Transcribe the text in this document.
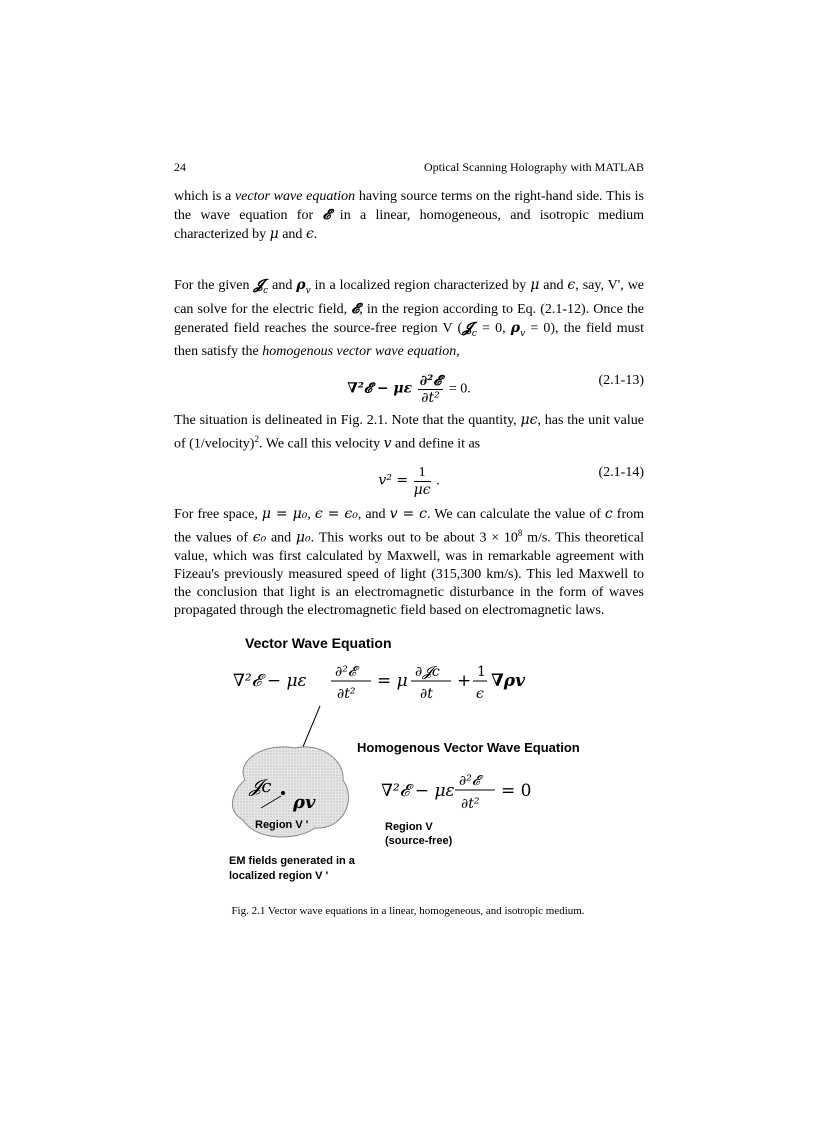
24	Optical Scanning Holography with MATLAB

which is a vector wave equation having source terms on the right-hand side. This is the wave equation for 𝓔 in a linear, homogeneous, and isotropic medium characterized by μ and ϵ.

For the given 𝓙$_c$ and $\rho_v$ in a localized region characterized by μ and ϵ, say, V', we can solve for the electric field, 𝓔, in the region according to Eq. (2.1-12). Once the generated field reaches the source-free region V (𝓙$_c$ = 0, $\rho_v = 0$), the field must then satisfy the homogenous vector wave equation,

∇²𝓔 − με $\frac{\text{∂²𝓔}}{\text{∂t²}} = 0$.
(2.1-13)

The situation is delineated in Fig. 2.1. Note that the quantity, μϵ, has the unit value of (1/velocity)$^2$. We call this velocity v and define it as

$v^2 = \frac{1}{\mu\epsilon}$ .
(2.1-14)

For free space, μ = μ₀, ϵ = ϵ₀, and v = c. We can calculate the value of c from the values of ϵ₀ and μ₀. This works out to be about $3 \times 10^8$ m/s. This theoretical value, which was first calculated by Maxwell, was in remarkable agreement with Fizeau's previously measured speed of light (315,300 km/s). This led Maxwell to the conclusion that light is an electromagnetic disturbance in the form of waves propagated through the electromagnetic field based on electromagnetic laws.

Vector Wave Equation
∇²𝓔 − με ∂²𝓔
∂t²
= μ ∂𝓙c
∂t
+ 1
ϵ
∇ρv
𝓙c
ρv
Region V '
Homogenous Vector Wave Equation
∇²𝓔 − με ∂²𝓔
∂t²
= 0
Region V
(source-free)
EM fields generated in a
localized region V '
Fig. 2.1 Vector wave equations in a linear, homogeneous, and isotropic medium.
